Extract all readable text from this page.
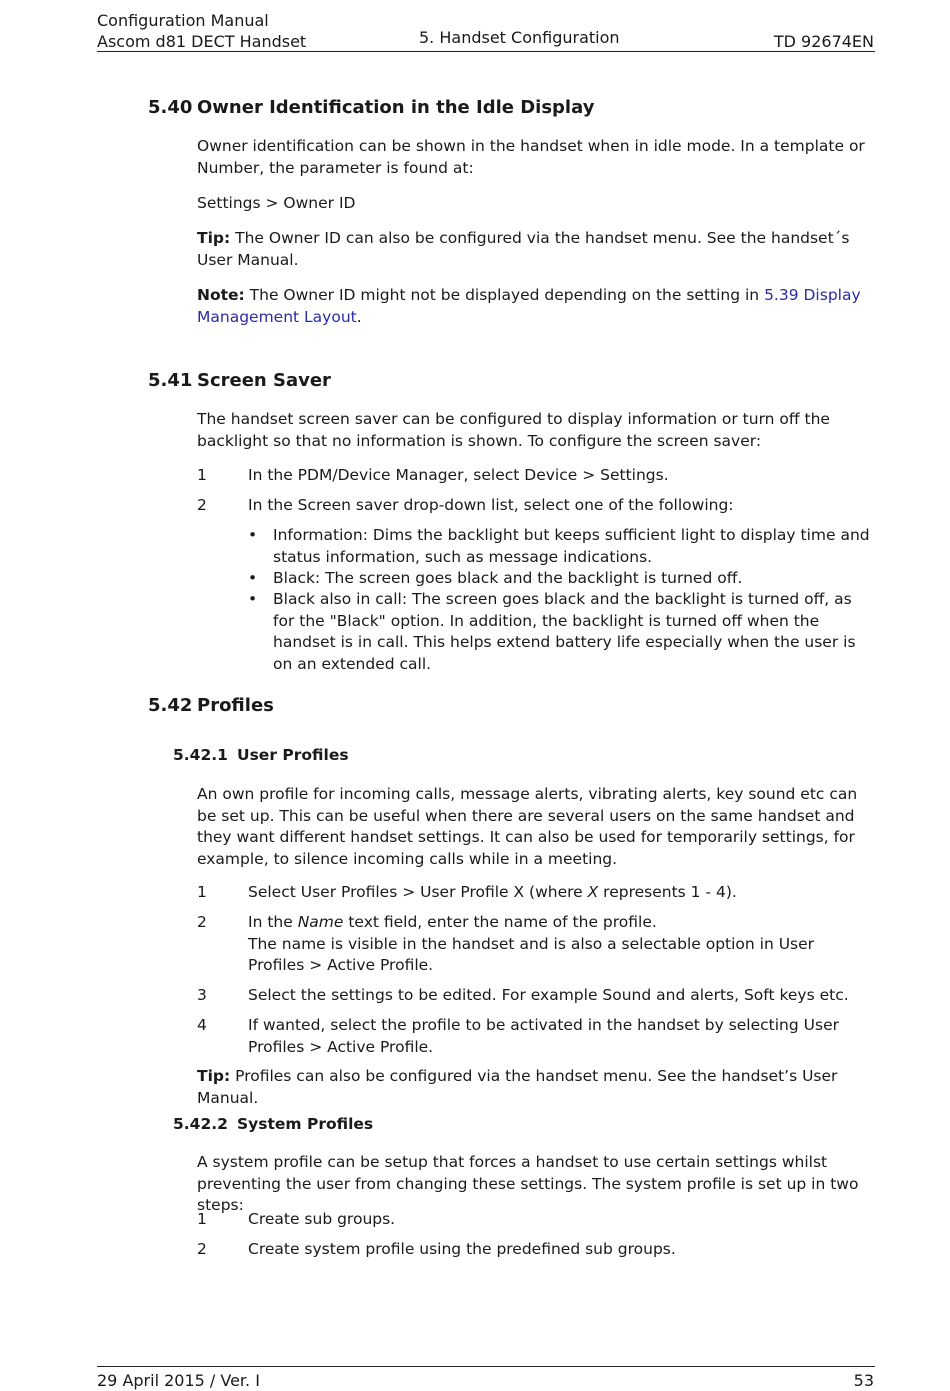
Configuration Manual
Ascom d81 DECT Handset	5. Handset Configuration	TD 92674EN
5.40 Owner Identification in the Idle Display
Owner identification can be shown in the handset when in idle mode. In a template or Number, the parameter is found at:
Settings > Owner ID
Tip: The Owner ID can also be configured via the handset menu. See the handset´s User Manual.
Note: The Owner ID might not be displayed depending on the setting in 5.39 Display Management Layout.
5.41 Screen Saver
The handset screen saver can be configured to display information or turn off the backlight so that no information is shown. To configure the screen saver:
1	In the PDM/Device Manager, select Device > Settings.
2	In the Screen saver drop-down list, select one of the following:
• Information: Dims the backlight but keeps sufficient light to display time and status information, such as message indications.
• Black: The screen goes black and the backlight is turned off.
• Black also in call: The screen goes black and the backlight is turned off, as for the "Black" option. In addition, the backlight is turned off when the handset is in call. This helps extend battery life especially when the user is on an extended call.
5.42 Profiles
5.42.1 User Profiles
An own profile for incoming calls, message alerts, vibrating alerts, key sound etc can be set up. This can be useful when there are several users on the same handset and they want different handset settings. It can also be used for temporarily settings, for example, to silence incoming calls while in a meeting.
1	Select User Profiles > User Profile X (where X represents 1 - 4).
2	In the Name text field, enter the name of the profile.
The name is visible in the handset and is also a selectable option in User Profiles > Active Profile.
3	Select the settings to be edited. For example Sound and alerts, Soft keys etc.
4	If wanted, select the profile to be activated in the handset by selecting User Profiles > Active Profile.
Tip: Profiles can also be configured via the handset menu. See the handset’s User Manual.
5.42.2 System Profiles
A system profile can be setup that forces a handset to use certain settings whilst preventing the user from changing these settings. The system profile is set up in two steps:
1	Create sub groups.
2	Create system profile using the predefined sub groups.
29 April 2015 / Ver. I	53
